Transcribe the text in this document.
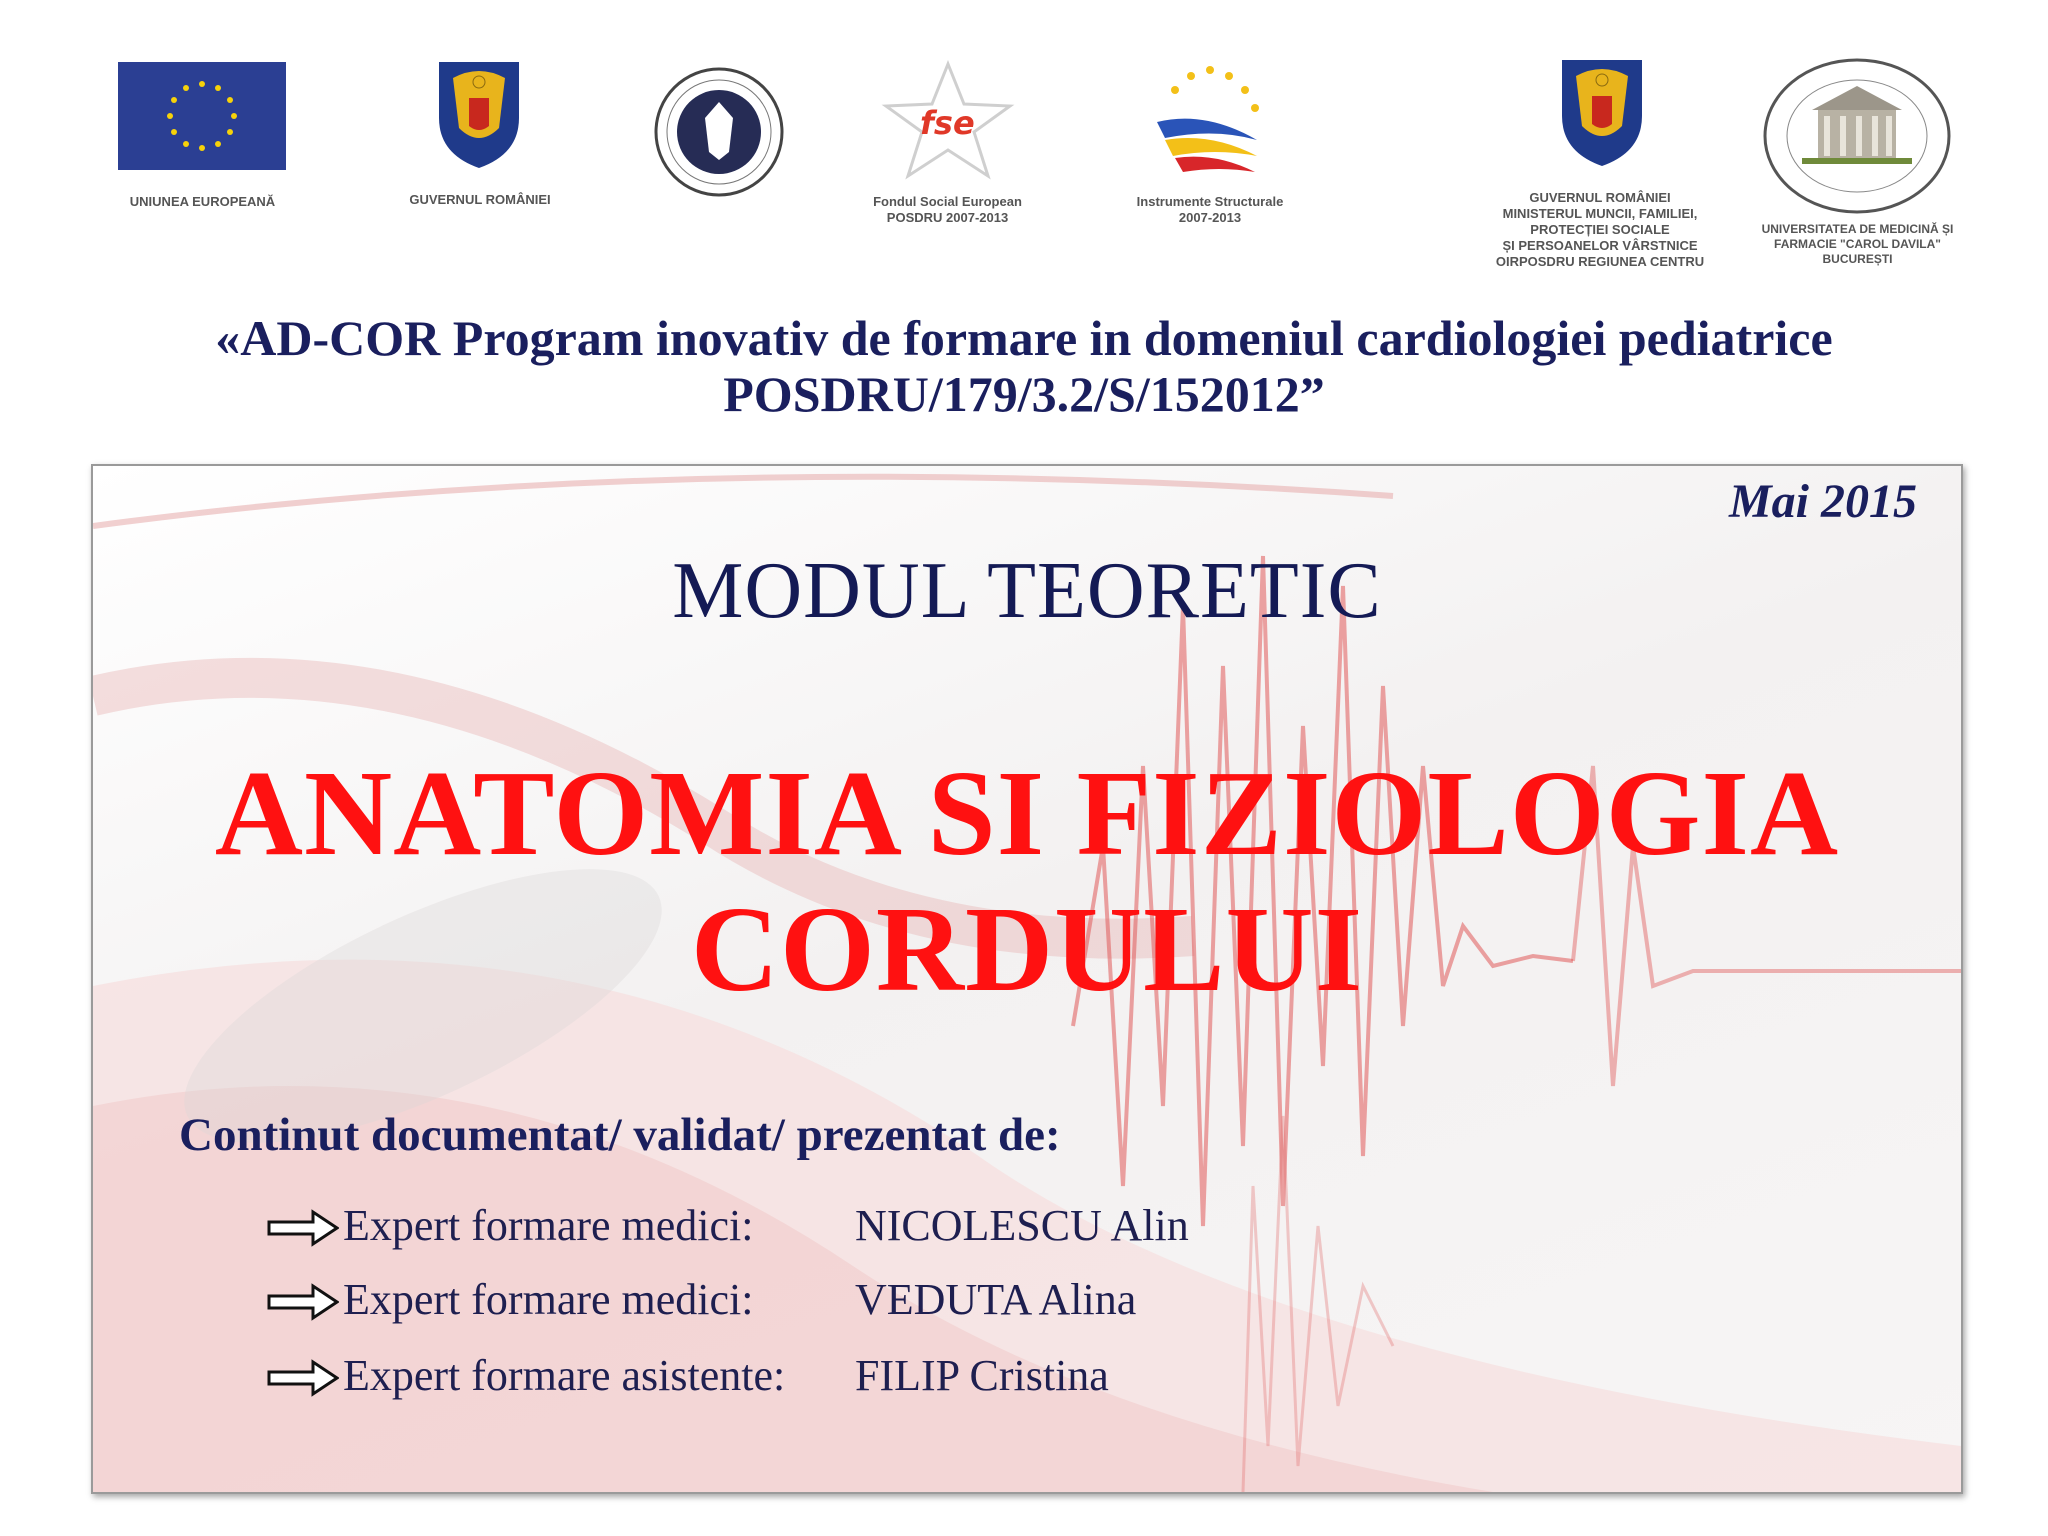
UNIUNEA EUROPEANĂ	GUVERNUL ROMÂNIEI
fse
Fondul Social European
POSDRU 2007-2013
Instrumente Structurale
2007-2013
GUVERNUL ROMÂNIEI
MINISTERUL MUNCII, FAMILIEI,
PROTECȚIEI SOCIALE
ȘI PERSOANELOR VÂRSTNICE
OIRPOSDRU REGIUNEA CENTRU
UNIVERSITATEA DE MEDICINĂ ȘI
FARMACIE "CAROL DAVILA"
BUCUREȘTI
«AD-COR Program inovativ de formare in domeniul cardiologiei pediatrice
POSDRU/179/3.2/S/152012”
Mai 2015
MODUL TEORETIC
ANATOMIA SI FIZIOLOGIA
CORDULUI
Continut documentat/ validat/ prezentat de:
Expert formare medici: NICOLESCU Alin
Expert formare medici: VEDUTA Alina
Expert formare asistente: FILIP Cristina
